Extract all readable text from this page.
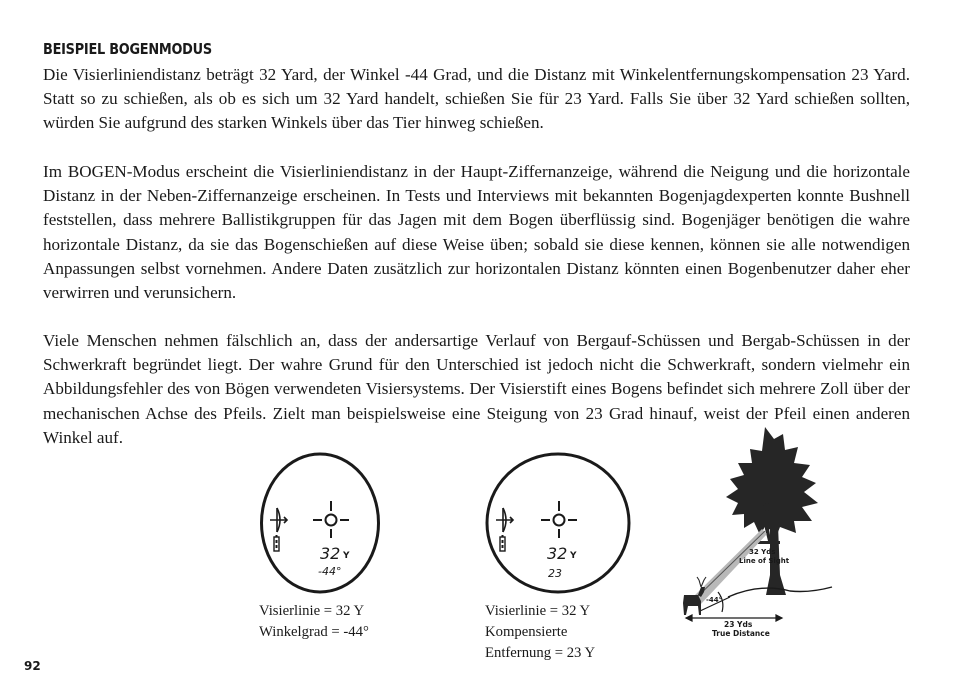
BEISPIEL BOGENMODUS

Die Visierliniendistanz beträgt 32 Yard, der Winkel -44 Grad, und die Distanz mit Winkelentfernungskompensation 23 Yard. Statt so zu schießen, als ob es sich um 32 Yard handelt, schießen Sie für 23 Yard. Falls Sie über 32 Yard schießen sollten, würden Sie aufgrund des starken Winkels über das Tier hinweg schießen.

Im BOGEN-Modus erscheint die Visierliniendistanz in der Haupt-Ziffernanzeige, während die Neigung und die horizontale Distanz in der Neben-Ziffernanzeige erscheinen. In Tests und Interviews mit bekannten Bogenjagdexperten konnte Bushnell feststellen, dass mehrere Ballistikgruppen für das Jagen mit dem Bogen überflüssig sind. Bogenjäger benötigen die wahre horizontale Distanz, da sie das Bogenschießen auf diese Weise üben; sobald sie diese kennen, können sie alle notwendigen Anpassungen selbst vornehmen. Andere Daten zusätzlich zur horizontalen Distanz könnten einen Bogenbenutzer daher eher verwirren und verunsichern.

Viele Menschen nehmen fälschlich an, dass der andersartige Verlauf von Bergauf-Schüssen und Bergab-Schüssen in der Schwerkraft begründet liegt. Der wahre Grund für den Unterschied ist jedoch nicht die Schwerkraft, sondern vielmehr ein Abbildungsfehler des von Bögen verwendeten Visiersystems. Der Visierstift eines Bogens befindet sich mehrere Zoll über der mechanischen Achse des Pfeils. Zielt man beispielsweise eine Steigung von 23 Grad hinauf, weist der Pfeil einen anderen Winkel auf.

32 Y
-44°
Visierlinie = 32 Y
Winkelgrad = -44°
32 Y
23
Visierlinie = 32 Y
Kompensierte
Entfernung = 23 Y
-44°
32 Yds
Line of Sight
23 Yds
True Distance
92
